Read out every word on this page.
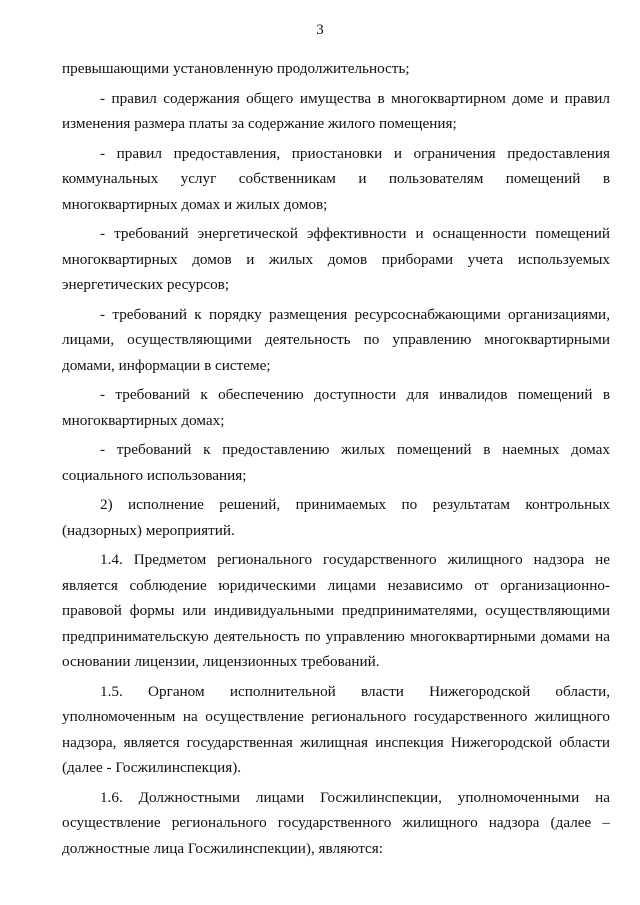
3

превышающими установленную продолжительность;

- правил содержания общего имущества в многоквартирном доме и правил изменения размера платы за содержание жилого помещения;

- правил предоставления, приостановки и ограничения предоставления коммунальных услуг собственникам и пользователям помещений в многоквартирных домах и жилых домов;

- требований энергетической эффективности и оснащенности помещений многоквартирных домов и жилых домов приборами учета используемых энергетических ресурсов;

- требований к порядку размещения ресурсоснабжающими организациями, лицами, осуществляющими деятельность по управлению многоквартирными домами, информации в системе;

- требований к обеспечению доступности для инвалидов помещений в многоквартирных домах;

- требований к предоставлению жилых помещений в наемных домах социального использования;

2) исполнение решений, принимаемых по результатам контрольных (надзорных) мероприятий.

1.4. Предметом регионального государственного жилищного надзора не является соблюдение юридическими лицами независимо от организационно-правовой формы или индивидуальными предпринимателями, осуществляющими предпринимательскую деятельность по управлению многоквартирными домами на основании лицензии, лицензионных требований.

1.5. Органом исполнительной власти Нижегородской области, уполномоченным на осуществление регионального государственного жилищного надзора, является государственная жилищная инспекция Нижегородской области (далее - Госжилинспекция).

1.6. Должностными лицами Госжилинспекции, уполномоченными на осуществление регионального государственного жилищного надзора (далее – должностные лица Госжилинспекции), являются:
